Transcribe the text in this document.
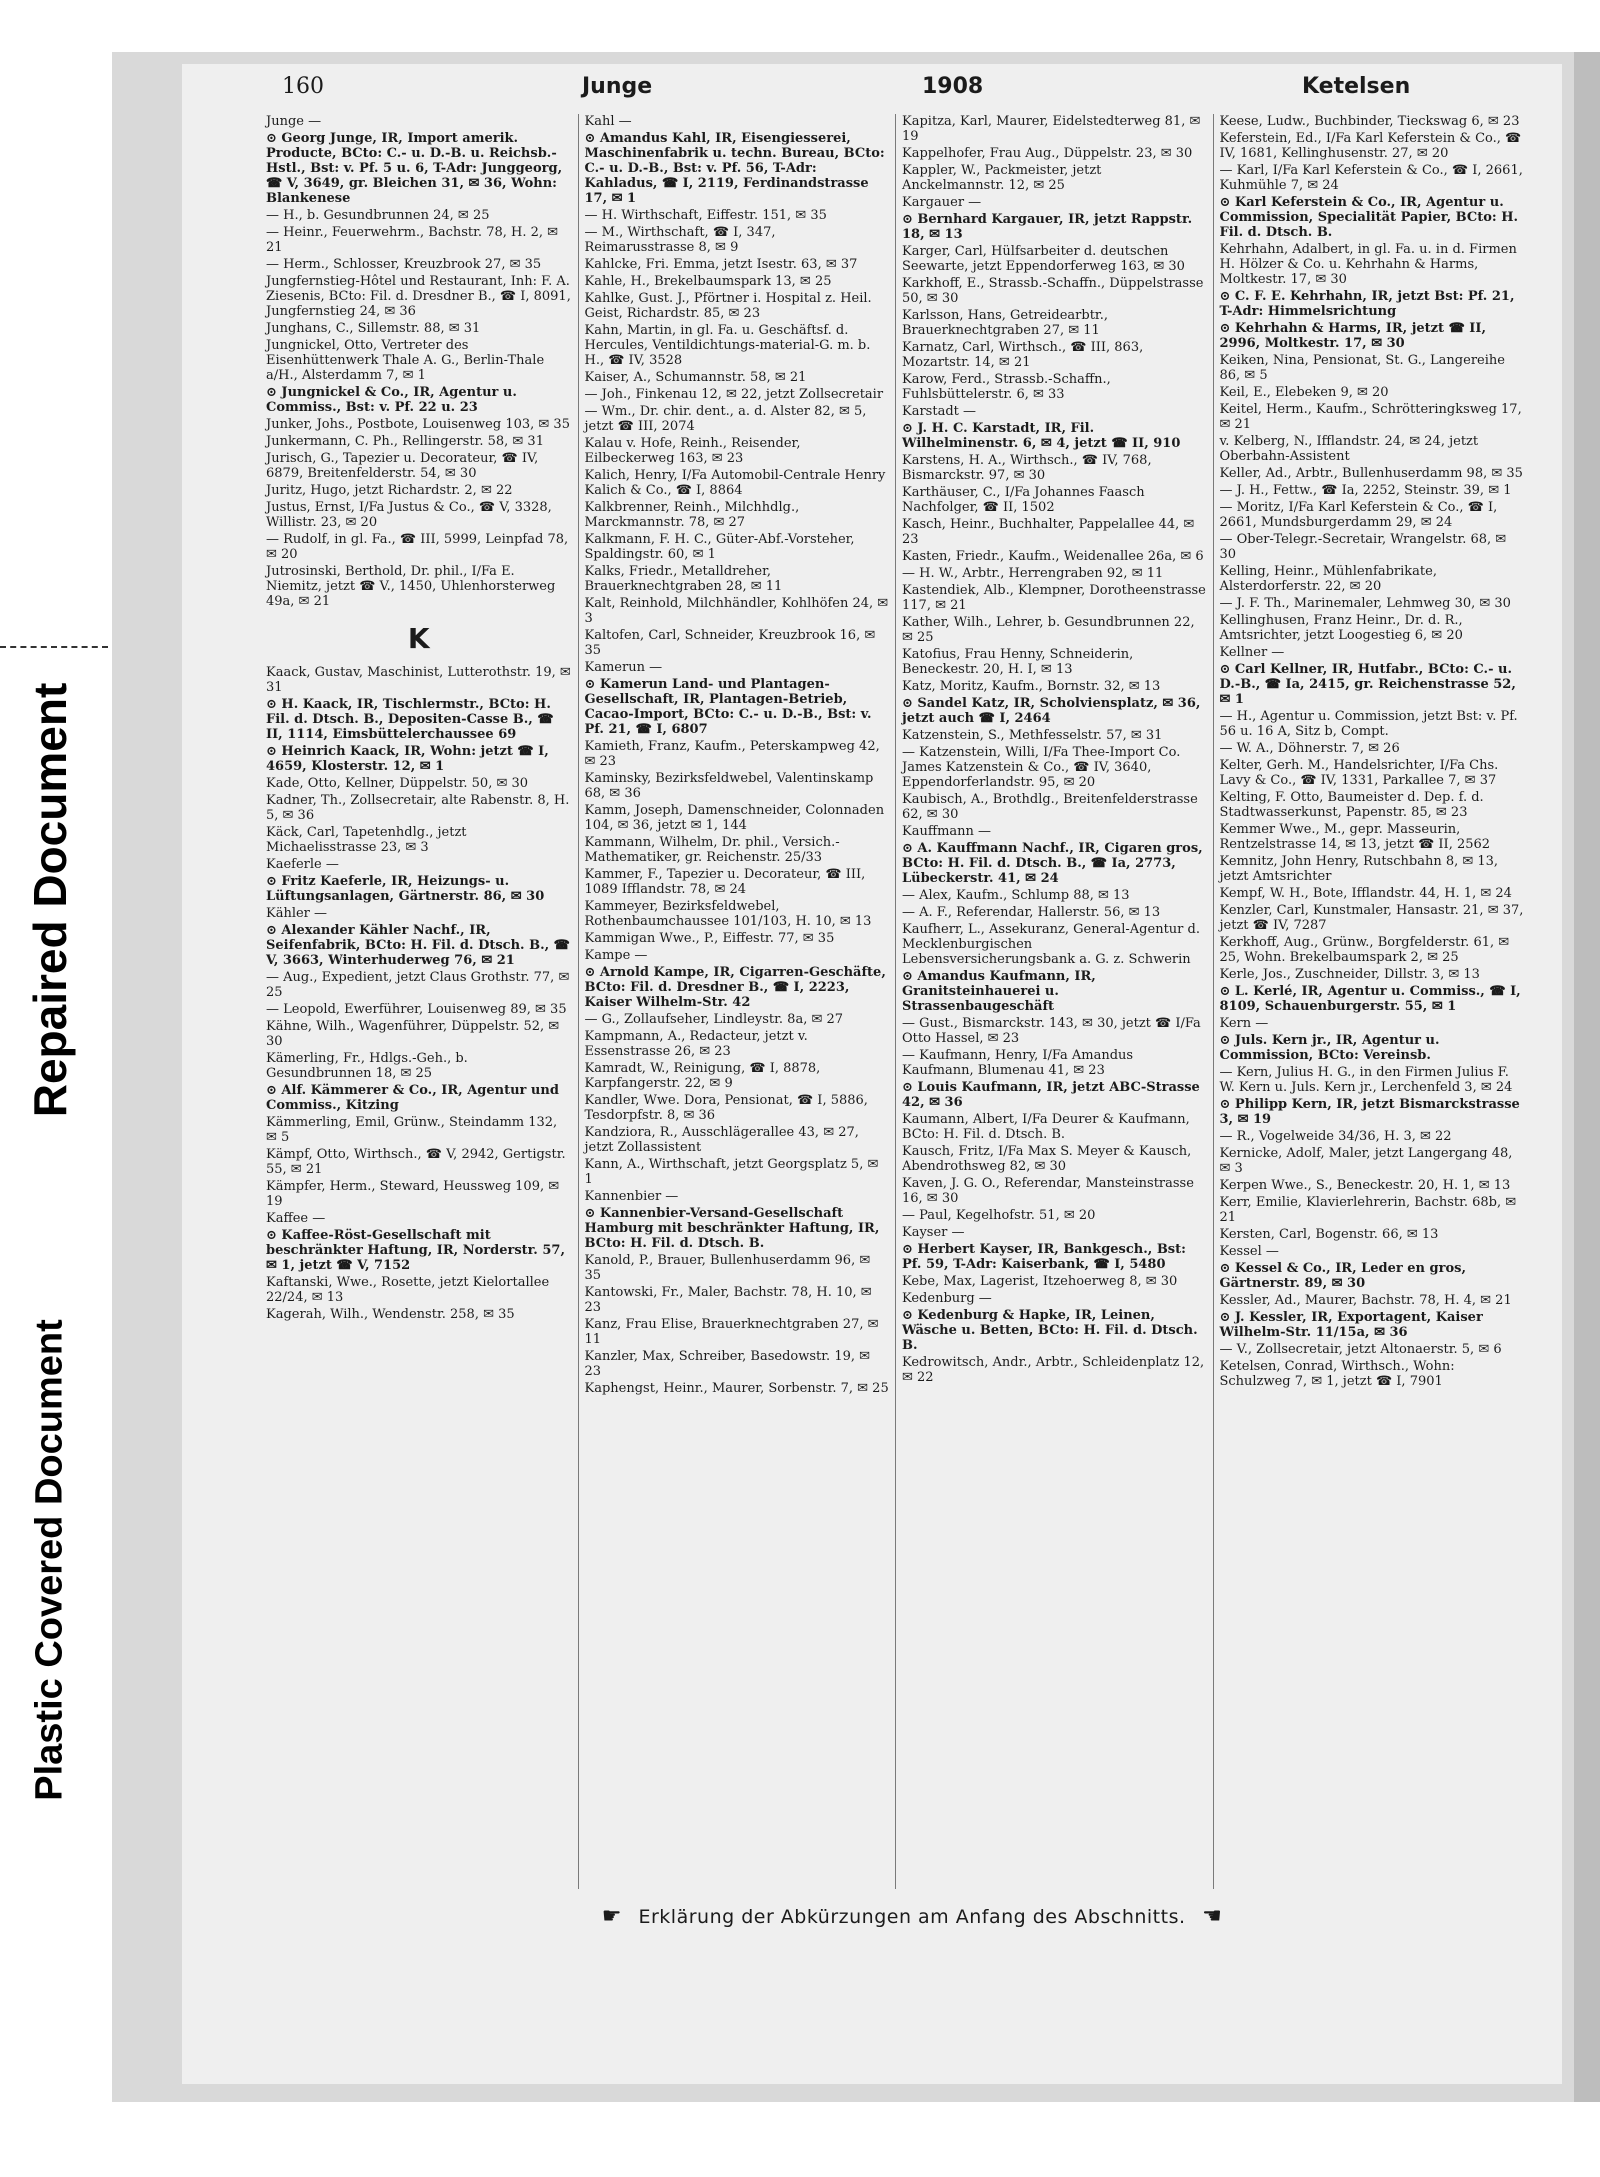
Repaired Document
Plastic Covered Document
160	Junge	1908	Ketelsen
Junge —
⊙ Georg Junge, IR, Import amerik. Producte, BCto: C.- u. D.-B. u. Reichsb.- Hstl., Bst: v. Pf. 5 u. 6, T-Adr: Junggeorg, ☎ V, 3649, gr. Bleichen 31, ✉ 36, Wohn: Blankenese
— H., b. Gesundbrunnen 24, ✉ 25
— Heinr., Feuerwehrm., Bachstr. 78, H. 2, ✉ 21
— Herm., Schlosser, Kreuzbrook 27, ✉ 35
Jungfernstieg-Hôtel und Restaurant, Inh: F. A. Ziesenis, BCto: Fil. d. Dresdner B., ☎ I, 8091, Jungfernstieg 24, ✉ 36
Junghans, C., Sillemstr. 88, ✉ 31
Jungnickel, Otto, Vertreter des Eisenhüttenwerk Thale A. G., Berlin-Thale a/H., Alsterdamm 7, ✉ 1
⊙ Jungnickel & Co., IR, Agentur u. Commiss., Bst: v. Pf. 22 u. 23
Junker, Johs., Postbote, Louisenweg 103, ✉ 35
Junkermann, C. Ph., Rellingerstr. 58, ✉ 31
Jurisch, G., Tapezier u. Decorateur, ☎ IV, 6879, Breitenfelderstr. 54, ✉ 30
Juritz, Hugo, jetzt Richardstr. 2, ✉ 22
Justus, Ernst, I/Fa Justus & Co., ☎ V, 3328, Willistr. 23, ✉ 20
— Rudolf, in gl. Fa., ☎ III, 5999, Leinpfad 78, ✉ 20
Jutrosinski, Berthold, Dr. phil., I/Fa E. Niemitz, jetzt ☎ V., 1450, Uhlenhorsterweg 49a, ✉ 21
K
Kaack, Gustav, Maschinist, Lutterothstr. 19, ✉ 31
⊙ H. Kaack, IR, Tischlermstr., BCto: H. Fil. d. Dtsch. B., Depositen-Casse B., ☎ II, 1114, Eimsbüttelerchaussee 69
⊙ Heinrich Kaack, IR, Wohn: jetzt ☎ I, 4659, Klosterstr. 12, ✉ 1
Kade, Otto, Kellner, Düppelstr. 50, ✉ 30
Kadner, Th., Zollsecretair, alte Rabenstr. 8, H. 5, ✉ 36
Käck, Carl, Tapetenhdlg., jetzt Michaelisstrasse 23, ✉ 3
Kaeferle —
⊙ Fritz Kaeferle, IR, Heizungs- u. Lüftungsanlagen, Gärtnerstr. 86, ✉ 30
Kähler —
⊙ Alexander Kähler Nachf., IR, Seifenfabrik, BCto: H. Fil. d. Dtsch. B., ☎ V, 3663, Winterhuderweg 76, ✉ 21
— Aug., Expedient, jetzt Claus Grothstr. 77, ✉ 25
— Leopold, Ewerführer, Louisenweg 89, ✉ 35
Kähne, Wilh., Wagenführer, Düppelstr. 52, ✉ 30
Kämerling, Fr., Hdlgs.-Geh., b. Gesundbrunnen 18, ✉ 25
⊙ Alf. Kämmerer & Co., IR, Agentur und Commiss., Kitzing
Kämmerling, Emil, Grünw., Steindamm 132, ✉ 5
Kämpf, Otto, Wirthsch., ☎ V, 2942, Gertigstr. 55, ✉ 21
Kämpfer, Herm., Steward, Heussweg 109, ✉ 19
Kaffee —
⊙ Kaffee-Röst-Gesellschaft mit beschränkter Haftung, IR, Norderstr. 57, ✉ 1, jetzt ☎ V, 7152
Kaftanski, Wwe., Rosette, jetzt Kielortallee 22/24, ✉ 13
Kagerah, Wilh., Wendenstr. 258, ✉ 35
Kahl —
⊙ Amandus Kahl, IR, Eisengiesserei, Maschinenfabrik u. techn. Bureau, BCto: C.- u. D.-B., Bst: v. Pf. 56, T-Adr: Kahladus, ☎ I, 2119, Ferdinandstrasse 17, ✉ 1
— H. Wirthschaft, Eiffestr. 151, ✉ 35
— M., Wirthschaft, ☎ I, 347, Reimarusstrasse 8, ✉ 9
Kahlcke, Fri. Emma, jetzt Isestr. 63, ✉ 37
Kahle, H., Brekelbaumspark 13, ✉ 25
Kahlke, Gust. J., Pförtner i. Hospital z. Heil. Geist, Richardstr. 85, ✉ 23
Kahn, Martin, in gl. Fa. u. Geschäftsf. d. Hercules, Ventildichtungs-material-G. m. b. H., ☎ IV, 3528
Kaiser, A., Schumannstr. 58, ✉ 21
— Joh., Finkenau 12, ✉ 22, jetzt Zollsecretair
— Wm., Dr. chir. dent., a. d. Alster 82, ✉ 5, jetzt ☎ III, 2074
Kalau v. Hofe, Reinh., Reisender, Eilbeckerweg 163, ✉ 23
Kalich, Henry, I/Fa Automobil-Centrale Henry Kalich & Co., ☎ I, 8864
Kalkbrenner, Reinh., Milchhdlg., Marckmannstr. 78, ✉ 27
Kalkmann, F. H. C., Güter-Abf.-Vorsteher, Spaldingstr. 60, ✉ 1
Kalks, Friedr., Metalldreher, Brauerknechtgraben 28, ✉ 11
Kalt, Reinhold, Milchhändler, Kohlhöfen 24, ✉ 3
Kaltofen, Carl, Schneider, Kreuzbrook 16, ✉ 35
Kamerun —
⊙ Kamerun Land- und Plantagen-Gesellschaft, IR, Plantagen-Betrieb, Cacao-Import, BCto: C.- u. D.-B., Bst: v. Pf. 21, ☎ I, 6807
Kamieth, Franz, Kaufm., Peterskampweg 42, ✉ 23
Kaminsky, Bezirksfeldwebel, Valentinskamp 68, ✉ 36
Kamm, Joseph, Damenschneider, Colonnaden 104, ✉ 36, jetzt ✉ 1, 144
Kammann, Wilhelm, Dr. phil., Versich.-Mathematiker, gr. Reichenstr. 25/33
Kammer, F., Tapezier u. Decorateur, ☎ III, 1089 Ifflandstr. 78, ✉ 24
Kammeyer, Bezirksfeldwebel, Rothenbaumchaussee 101/103, H. 10, ✉ 13
Kammigan Wwe., P., Eiffestr. 77, ✉ 35
Kampe —
⊙ Arnold Kampe, IR, Cigarren-Geschäfte, BCto: Fil. d. Dresdner B., ☎ I, 2223, Kaiser Wilhelm-Str. 42
— G., Zollaufseher, Lindleystr. 8a, ✉ 27
Kampmann, A., Redacteur, jetzt v. Essenstrasse 26, ✉ 23
Kamradt, W., Reinigung, ☎ I, 8878, Karpfangerstr. 22, ✉ 9
Kandler, Wwe. Dora, Pensionat, ☎ I, 5886, Tesdorpfstr. 8, ✉ 36
Kandziora, R., Ausschlägerallee 43, ✉ 27, jetzt Zollassistent
Kann, A., Wirthschaft, jetzt Georgsplatz 5, ✉ 1
Kannenbier —
⊙ Kannenbier-Versand-Gesellschaft Hamburg mit beschränkter Haftung, IR, BCto: H. Fil. d. Dtsch. B.
Kanold, P., Brauer, Bullenhuserdamm 96, ✉ 35
Kantowski, Fr., Maler, Bachstr. 78, H. 10, ✉ 23
Kanz, Frau Elise, Brauerknechtgraben 27, ✉ 11
Kanzler, Max, Schreiber, Basedowstr. 19, ✉ 23
Kaphengst, Heinr., Maurer, Sorbenstr. 7, ✉ 25
Kapitza, Karl, Maurer, Eidelstedterweg 81, ✉ 19
Kappelhofer, Frau Aug., Düppelstr. 23, ✉ 30
Kappler, W., Packmeister, jetzt Anckelmannstr. 12, ✉ 25
Kargauer —
⊙ Bernhard Kargauer, IR, jetzt Rappstr. 18, ✉ 13
Karger, Carl, Hülfsarbeiter d. deutschen Seewarte, jetzt Eppendorferweg 163, ✉ 30
Karkhoff, E., Strassb.-Schaffn., Düppelstrasse 50, ✉ 30
Karlsson, Hans, Getreidearbtr., Brauerknechtgraben 27, ✉ 11
Karnatz, Carl, Wirthsch., ☎ III, 863, Mozartstr. 14, ✉ 21
Karow, Ferd., Strassb.-Schaffn., Fuhlsbüttelerstr. 6, ✉ 33
Karstadt —
⊙ J. H. C. Karstadt, IR, Fil. Wilhelminenstr. 6, ✉ 4, jetzt ☎ II, 910
Karstens, H. A., Wirthsch., ☎ IV, 768, Bismarckstr. 97, ✉ 30
Karthäuser, C., I/Fa Johannes Faasch Nachfolger, ☎ II, 1502
Kasch, Heinr., Buchhalter, Pappelallee 44, ✉ 23
Kasten, Friedr., Kaufm., Weidenallee 26a, ✉ 6
— H. W., Arbtr., Herrengraben 92, ✉ 11
Kastendiek, Alb., Klempner, Dorotheenstrasse 117, ✉ 21
Kather, Wilh., Lehrer, b. Gesundbrunnen 22, ✉ 25
Katofius, Frau Henny, Schneiderin, Beneckestr. 20, H. I, ✉ 13
Katz, Moritz, Kaufm., Bornstr. 32, ✉ 13
⊙ Sandel Katz, IR, Scholviensplatz, ✉ 36, jetzt auch ☎ I, 2464
Katzenstein, S., Methfesselstr. 57, ✉ 31
— Katzenstein, Willi, I/Fa Thee-Import Co. James Katzenstein & Co., ☎ IV, 3640, Eppendorferlandstr. 95, ✉ 20
Kaubisch, A., Brothdlg., Breitenfelderstrasse 62, ✉ 30
Kauffmann —
⊙ A. Kauffmann Nachf., IR, Cigaren gros, BCto: H. Fil. d. Dtsch. B., ☎ Ia, 2773, Lübeckerstr. 41, ✉ 24
— Alex, Kaufm., Schlump 88, ✉ 13
— A. F., Referendar, Hallerstr. 56, ✉ 13
Kaufherr, L., Assekuranz, General-Agentur d. Mecklenburgischen Lebensversicherungsbank a. G. z. Schwerin
⊙ Amandus Kaufmann, IR, Granitsteinhauerei u. Strassenbaugeschäft
— Gust., Bismarckstr. 143, ✉ 30, jetzt ☎ I/Fa Otto Hassel, ✉ 23
— Kaufmann, Henry, I/Fa Amandus Kaufmann, Blumenau 41, ✉ 23
⊙ Louis Kaufmann, IR, jetzt ABC-Strasse 42, ✉ 36
Kaumann, Albert, I/Fa Deurer & Kaufmann, BCto: H. Fil. d. Dtsch. B.
Kausch, Fritz, I/Fa Max S. Meyer & Kausch, Abendrothsweg 82, ✉ 30
Kaven, J. G. O., Referendar, Mansteinstrasse 16, ✉ 30
— Paul, Kegelhofstr. 51, ✉ 20
Kayser —
⊙ Herbert Kayser, IR, Bankgesch., Bst: Pf. 59, T-Adr: Kaiserbank, ☎ I, 5480
Kebe, Max, Lagerist, Itzehoerweg 8, ✉ 30
Kedenburg —
⊙ Kedenburg & Hapke, IR, Leinen, Wäsche u. Betten, BCto: H. Fil. d. Dtsch. B.
Kedrowitsch, Andr., Arbtr., Schleidenplatz 12, ✉ 22
Keese, Ludw., Buchbinder, Tieckswag 6, ✉ 23
Keferstein, Ed., I/Fa Karl Keferstein & Co., ☎ IV, 1681, Kellinghusenstr. 27, ✉ 20
— Karl, I/Fa Karl Keferstein & Co., ☎ I, 2661, Kuhmühle 7, ✉ 24
⊙ Karl Keferstein & Co., IR, Agentur u. Commission, Specialität Papier, BCto: H. Fil. d. Dtsch. B.
Kehrhahn, Adalbert, in gl. Fa. u. in d. Firmen H. Hölzer & Co. u. Kehrhahn & Harms, Moltkestr. 17, ✉ 30
⊙ C. F. E. Kehrhahn, IR, jetzt Bst: Pf. 21, T-Adr: Himmelsrichtung
⊙ Kehrhahn & Harms, IR, jetzt ☎ II, 2996, Moltkestr. 17, ✉ 30
Keiken, Nina, Pensionat, St. G., Langereihe 86, ✉ 5
Keil, E., Elebeken 9, ✉ 20
Keitel, Herm., Kaufm., Schrötteringksweg 17, ✉ 21
v. Kelberg, N., Ifflandstr. 24, ✉ 24, jetzt Oberbahn-Assistent
Keller, Ad., Arbtr., Bullenhuserdamm 98, ✉ 35
— J. H., Fettw., ☎ Ia, 2252, Steinstr. 39, ✉ 1
— Moritz, I/Fa Karl Keferstein & Co., ☎ I, 2661, Mundsburgerdamm 29, ✉ 24
— Ober-Telegr.-Secretair, Wrangelstr. 68, ✉ 30
Kelling, Heinr., Mühlenfabrikate, Alsterdorferstr. 22, ✉ 20
— J. F. Th., Marinemaler, Lehmweg 30, ✉ 30
Kellinghusen, Franz Heinr., Dr. d. R., Amtsrichter, jetzt Loogestieg 6, ✉ 20
Kellner —
⊙ Carl Kellner, IR, Hutfabr., BCto: C.- u. D.-B., ☎ Ia, 2415, gr. Reichenstrasse 52, ✉ 1
— H., Agentur u. Commission, jetzt Bst: v. Pf. 56 u. 16 A, Sitz b, Compt.
— W. A., Döhnerstr. 7, ✉ 26
Kelter, Gerh. M., Handelsrichter, I/Fa Chs. Lavy & Co., ☎ IV, 1331, Parkallee 7, ✉ 37
Kelting, F. Otto, Baumeister d. Dep. f. d. Stadtwasserkunst, Papenstr. 85, ✉ 23
Kemmer Wwe., M., gepr. Masseurin, Rentzelstrasse 14, ✉ 13, jetzt ☎ II, 2562
Kemnitz, John Henry, Rutschbahn 8, ✉ 13, jetzt Amtsrichter
Kempf, W. H., Bote, Ifflandstr. 44, H. 1, ✉ 24
Kenzler, Carl, Kunstmaler, Hansastr. 21, ✉ 37, jetzt ☎ IV, 7287
Kerkhoff, Aug., Grünw., Borgfelderstr. 61, ✉ 25, Wohn. Brekelbaumspark 2, ✉ 25
Kerle, Jos., Zuschneider, Dillstr. 3, ✉ 13
⊙ L. Kerlé, IR, Agentur u. Commiss., ☎ I, 8109, Schauenburgerstr. 55, ✉ 1
Kern —
⊙ Juls. Kern jr., IR, Agentur u. Commission, BCto: Vereinsb.
— Kern, Julius H. G., in den Firmen Julius F. W. Kern u. Juls. Kern jr., Lerchenfeld 3, ✉ 24
⊙ Philipp Kern, IR, jetzt Bismarckstrasse 3, ✉ 19
— R., Vogelweide 34/36, H. 3, ✉ 22
Kernicke, Adolf, Maler, jetzt Langergang 48, ✉ 3
Kerpen Wwe., S., Beneckestr. 20, H. 1, ✉ 13
Kerr, Emilie, Klavierlehrerin, Bachstr. 68b, ✉ 21
Kersten, Carl, Bogenstr. 66, ✉ 13
Kessel —
⊙ Kessel & Co., IR, Leder en gros, Gärtnerstr. 89, ✉ 30
Kessler, Ad., Maurer, Bachstr. 78, H. 4, ✉ 21
⊙ J. Kessler, IR, Exportagent, Kaiser Wilhelm-Str. 11/15a, ✉ 36
— V., Zollsecretair, jetzt Altonaerstr. 5, ✉ 6
Ketelsen, Conrad, Wirthsch., Wohn: Schulzweg 7, ✉ 1, jetzt ☎ I, 7901
☛ Erklärung der Abkürzungen am Anfang des Abschnitts. ☚
